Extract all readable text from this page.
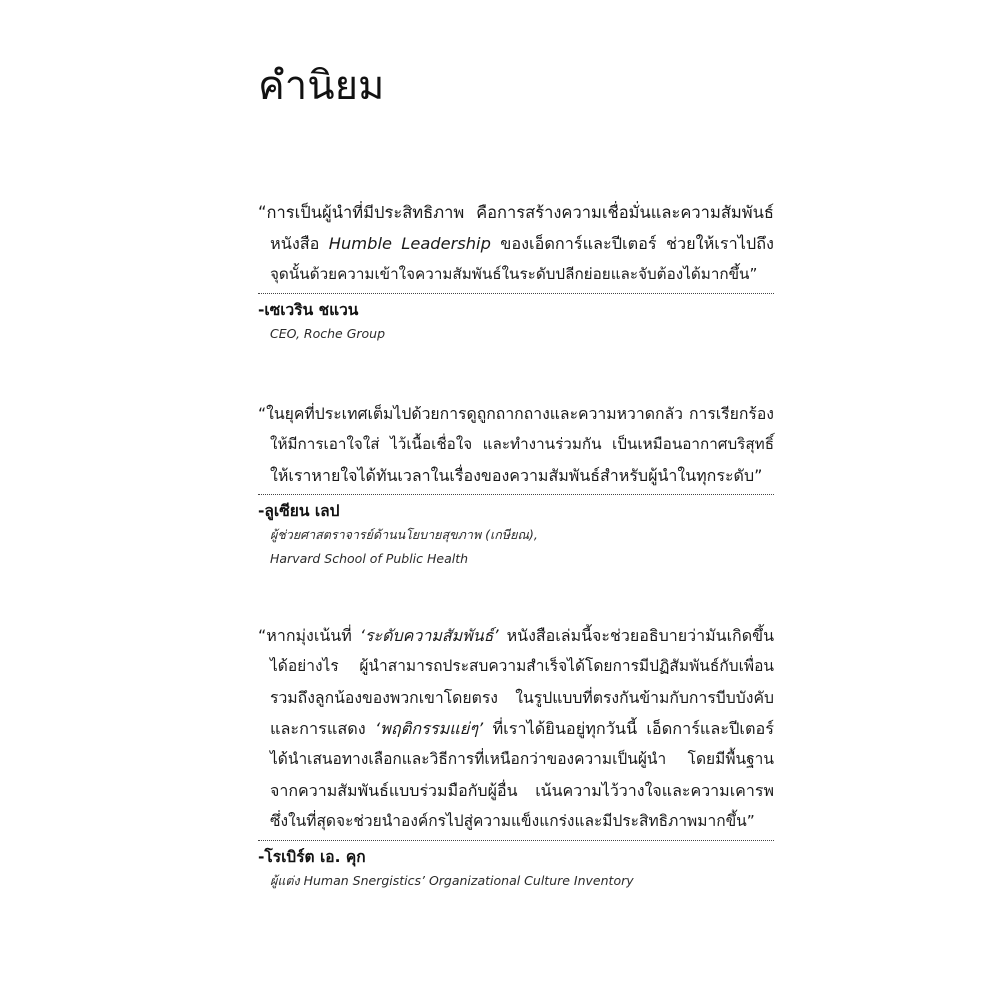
คำนิยม

“การเป็นผู้นำที่มีประสิทธิภาพ คือการสร้างความเชื่อมั่นและความสัมพันธ์
หนังสือ Humble Leadership ของเอ็ดการ์และปีเตอร์ ช่วยให้เราไปถึง
จุดนั้นด้วยความเข้าใจความสัมพันธ์ในระดับปลีกย่อยและจับต้องได้มากขึ้น”

-เซเวริน ชแวน

CEO, Roche Group

“ในยุคที่ประเทศเต็มไปด้วยการดูถูกถากถางและความหวาดกลัว การเรียกร้อง
ให้มีการเอาใจใส่ ไว้เนื้อเชื่อใจ และทำงานร่วมกัน เป็นเหมือนอากาศบริสุทธิ์
ให้เราหายใจได้ทันเวลาในเรื่องของความสัมพันธ์สำหรับผู้นำในทุกระดับ”

-ลูเซียน เลป

ผู้ช่วยศาสตราจารย์ด้านนโยบายสุขภาพ (เกษียณ),

Harvard School of Public Health

“หากมุ่งเน้นที่ ‘ระดับความสัมพันธ์’ หนังสือเล่มนี้จะช่วยอธิบายว่ามันเกิดขึ้น
ได้อย่างไร ผู้นำสามารถประสบความสำเร็จได้โดยการมีปฏิสัมพันธ์กับเพื่อน
รวมถึงลูกน้องของพวกเขาโดยตรง ในรูปแบบที่ตรงกันข้ามกับการบีบบังคับ
และการแสดง ‘พฤติกรรมแย่ๆ’ ที่เราได้ยินอยู่ทุกวันนี้ เอ็ดการ์และปีเตอร์
ได้นำเสนอทางเลือกและวิธีการที่เหนือกว่าของความเป็นผู้นำ โดยมีพื้นฐาน
จากความสัมพันธ์แบบร่วมมือกับผู้อื่น เน้นความไว้วางใจและความเคารพ
ซึ่งในที่สุดจะช่วยนำองค์กรไปสู่ความแข็งแกร่งและมีประสิทธิภาพมากขึ้น”

-โรเบิร์ต เอ. คุก

ผู้แต่ง Human Snergistics’ Organizational Culture Inventory
